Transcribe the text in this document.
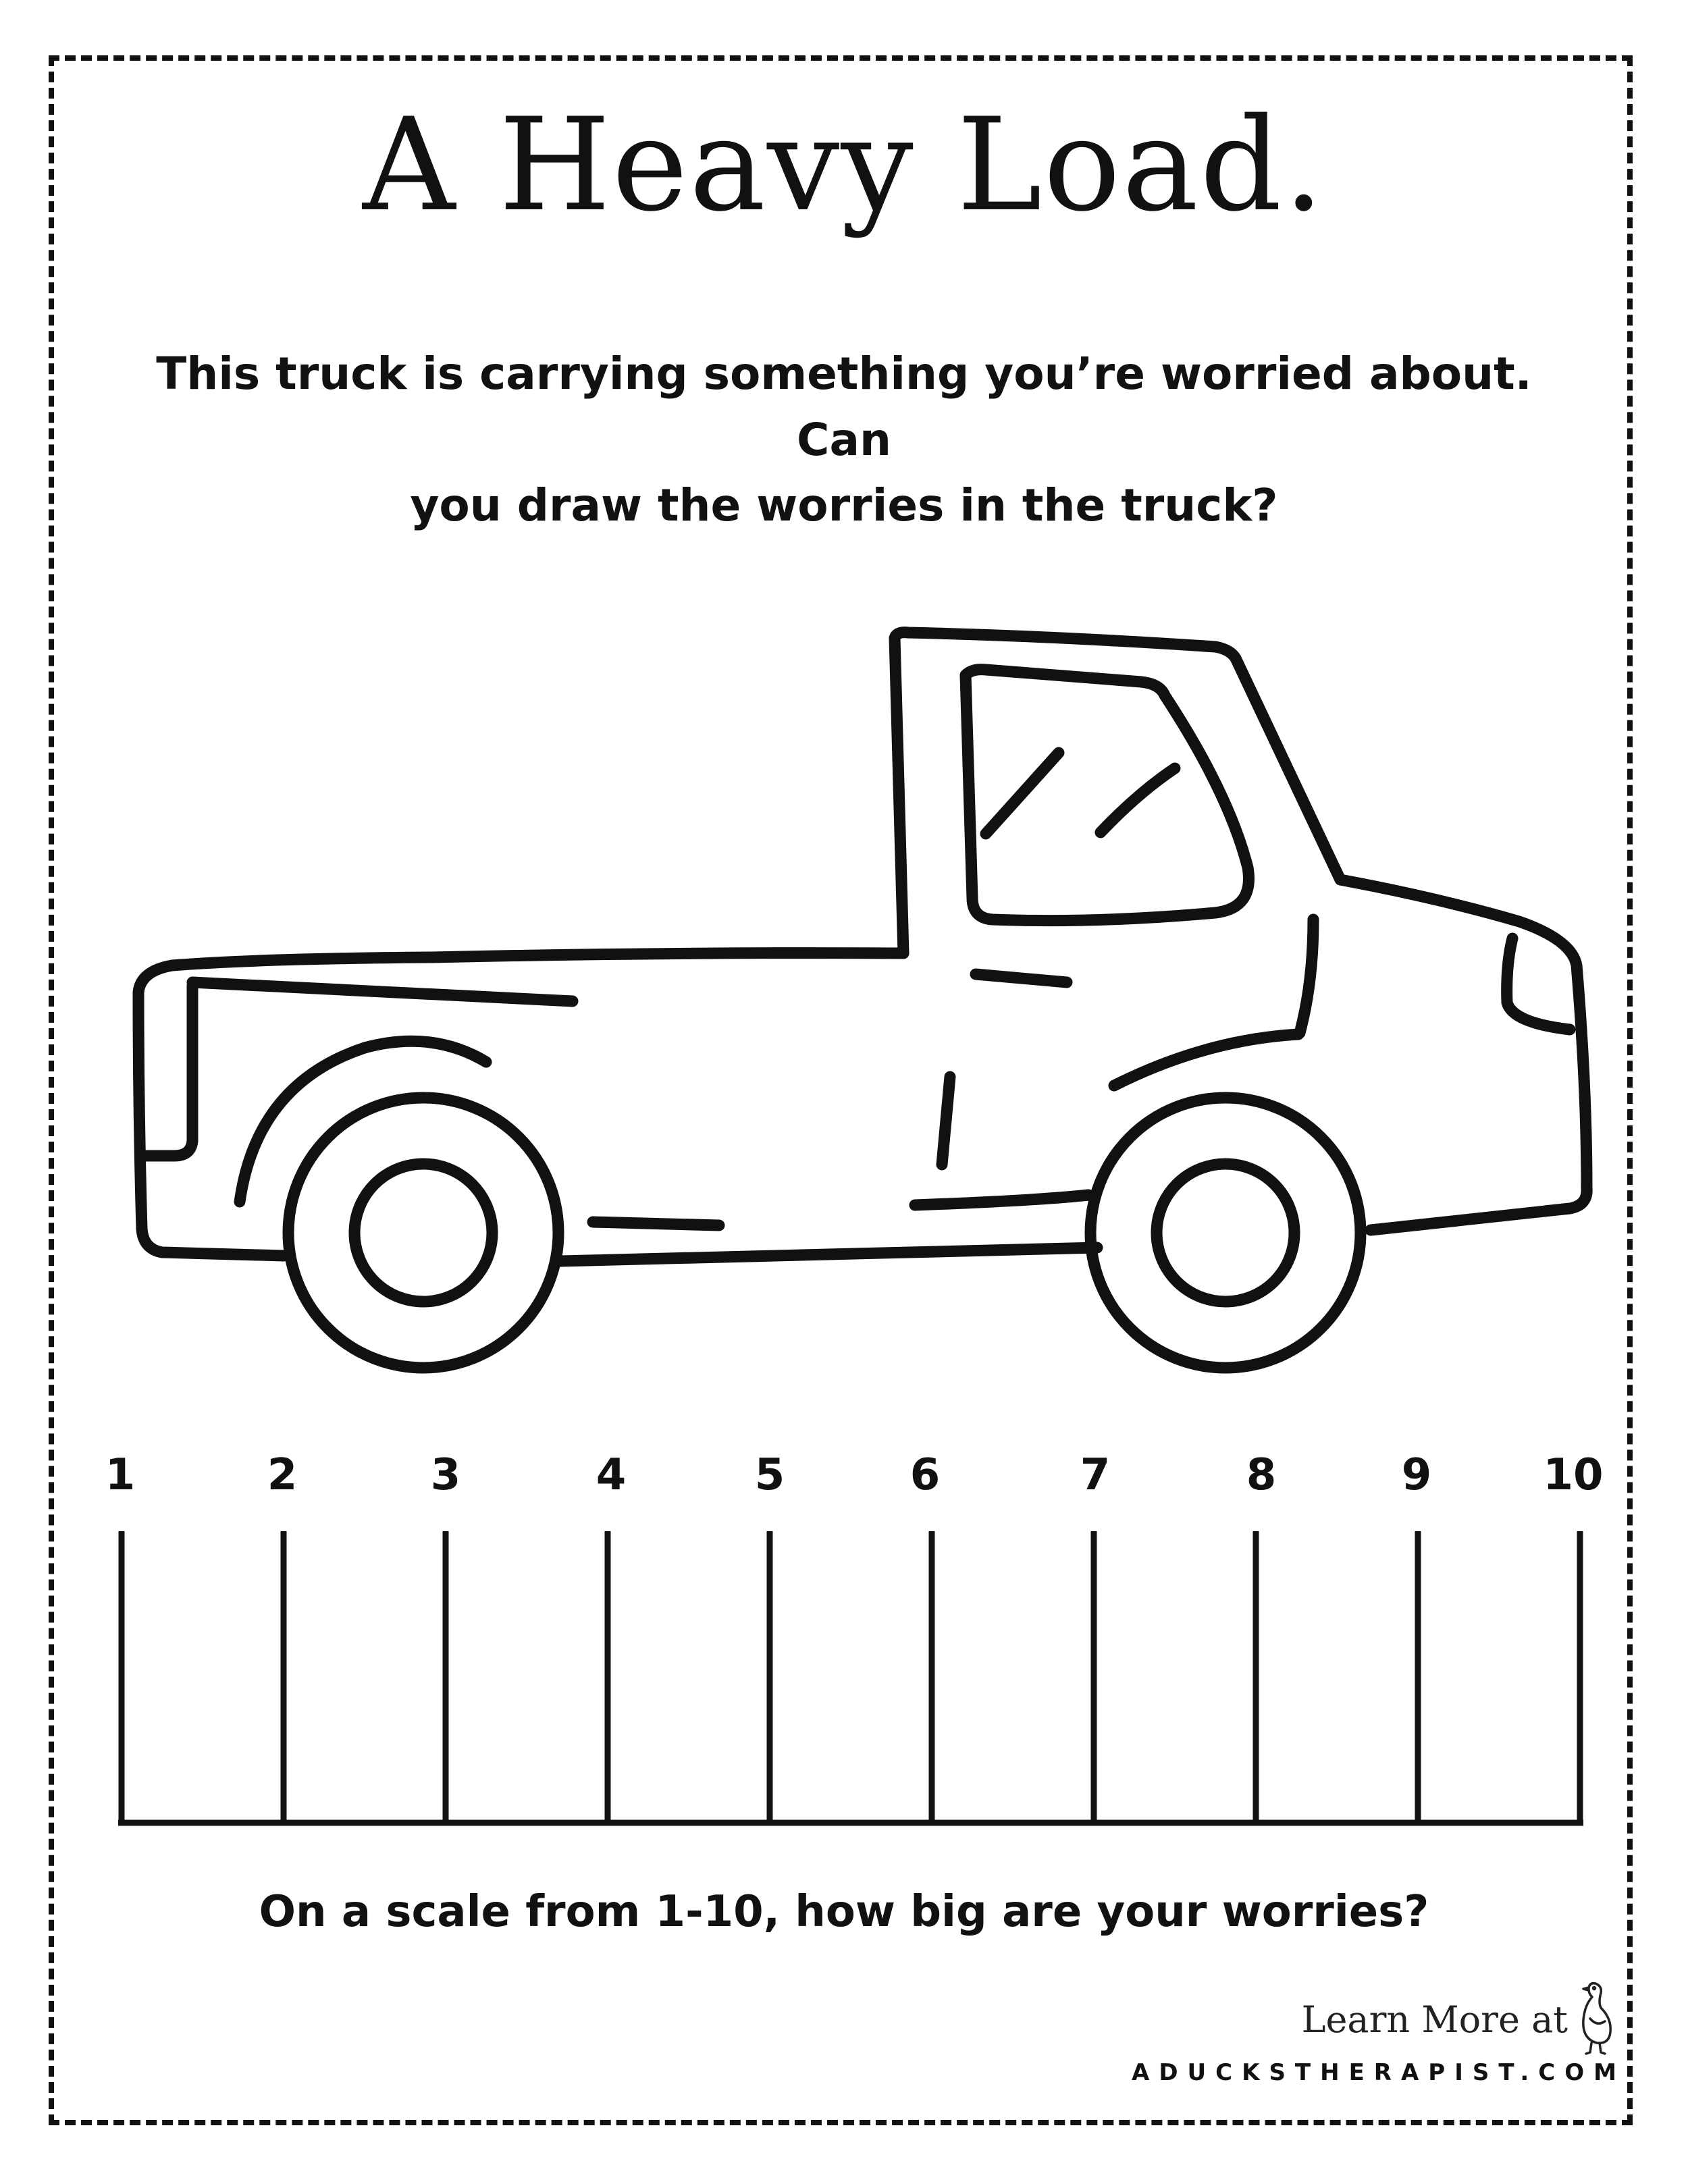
A Heavy Load.
This truck is carrying something you’re worried about. Can
you draw the worries in the truck?
1	2	3	4	5	6	7	8	9	10
On a scale from 1-10, how big are your worries?
Learn More at
ADUCKSTHERAPIST.COM
